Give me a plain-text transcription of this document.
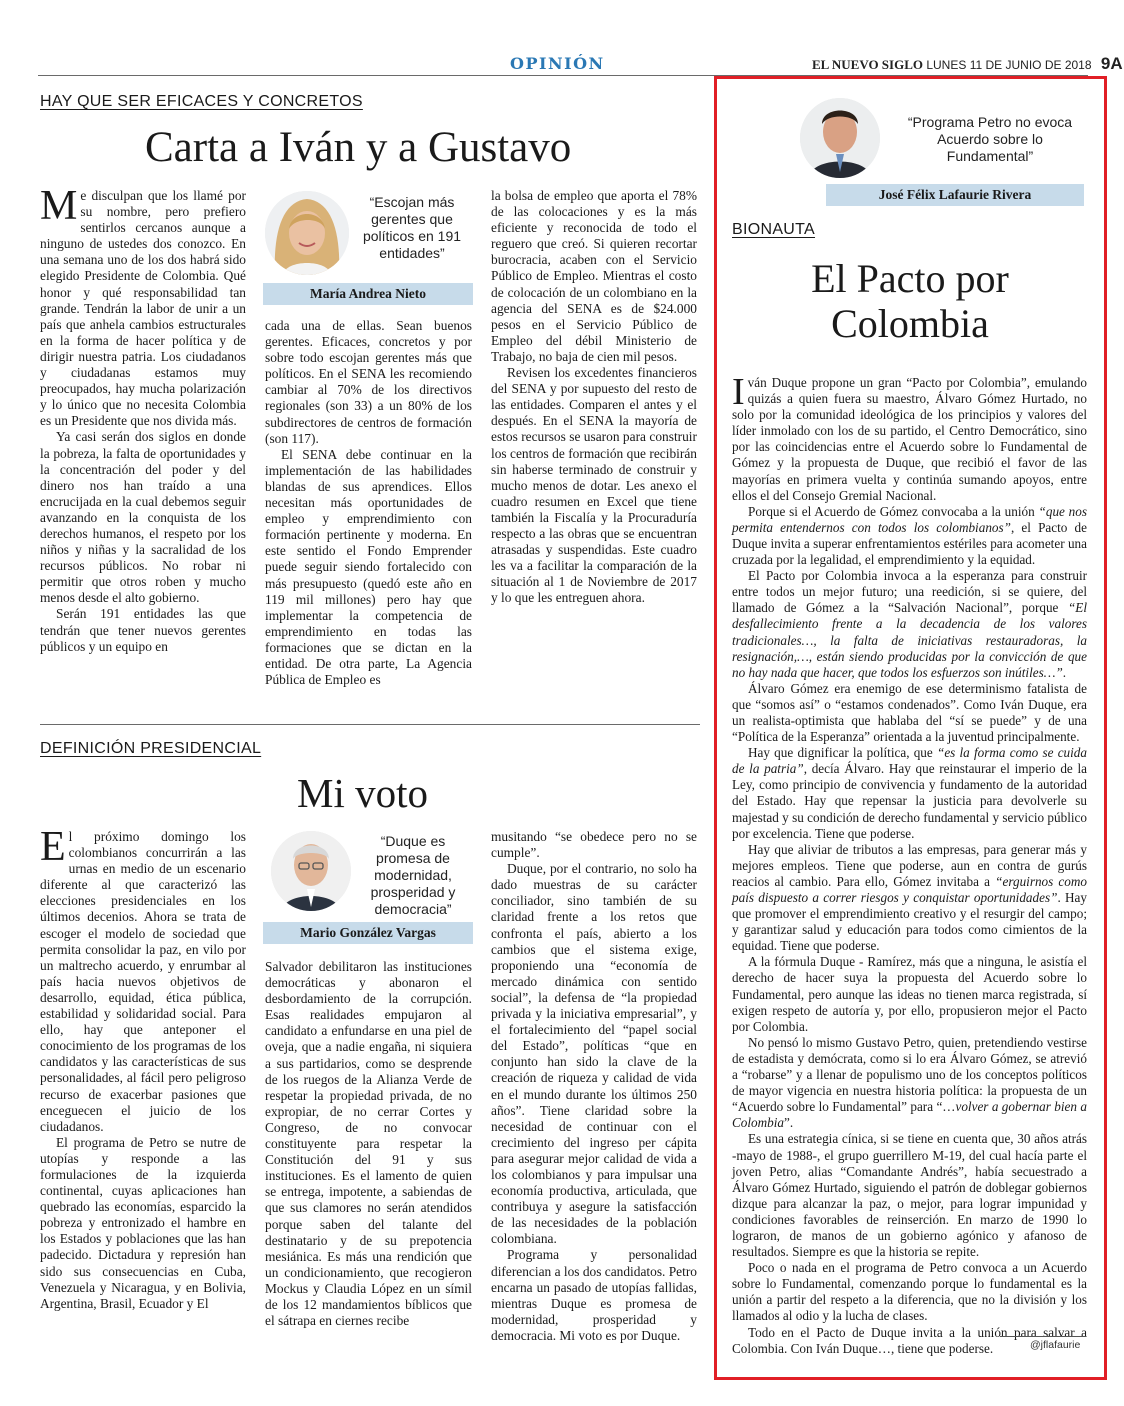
OPINIÓN	EL NUEVO SIGLO LUNES 11 DE JUNIO DE 2018 9A
HAY QUE SER EFICACES Y CONCRETOS
Carta a Iván y a Gustavo

Me disculpan que los llamé por su nombre, pero prefiero sentirlos cercanos aunque a ninguno de ustedes dos conozco. En una semana uno de los dos habrá sido elegido Presidente de Colombia. Qué honor y qué responsabilidad tan grande. Tendrán la labor de unir a un país que anhela cambios estructurales en la forma de hacer política y de dirigir nuestra patria. Los ciudadanos y ciudadanas estamos muy preocupados, hay mucha polarización y lo único que no necesita Colombia es un Presidente que nos divida más.

Ya casi serán dos siglos en donde la pobreza, la falta de oportunidades y la concentración del poder y del dinero nos han traído a una encrucijada en la cual debemos seguir avanzando en la conquista de los derechos humanos, el respeto por los niños y niñas y la sacralidad de los recursos públicos. No robar ni permitir que otros roben y mucho menos desde el alto gobierno.

Serán 191 entidades las que tendrán que tener nuevos gerentes públicos y un equipo en

“Escojan más gerentes que políticos en 191 entidades”
María Andrea Nieto

cada una de ellas. Sean buenos gerentes. Eficaces, concretos y por sobre todo escojan gerentes más que políticos. En el SENA les recomiendo cambiar al 70% de los directivos regionales (son 33) a un 80% de los subdirectores de centros de formación (son 117).

El SENA debe continuar en la implementación de las habilidades blandas de sus aprendices. Ellos necesitan más oportunidades de empleo y emprendimiento con formación pertinente y moderna. En este sentido el Fondo Emprender puede seguir siendo fortalecido con más presupuesto (quedó este año en 119 mil millones) pero hay que implementar la competencia de emprendimiento en todas las formaciones que se dictan en la entidad. De otra parte, La Agencia Pública de Empleo es

la bolsa de empleo que aporta el 78% de las colocaciones y es la más eficiente y reconocida de todo el reguero que creó. Si quieren recortar burocracia, acaben con el Servicio Público de Empleo. Mientras el costo de colocación de un colombiano en la agencia del SENA es de $24.000 pesos en el Servicio Público de Empleo del débil Ministerio de Trabajo, no baja de cien mil pesos.

Revisen los excedentes financieros del SENA y por supuesto del resto de las entidades. Comparen el antes y el después. En el SENA la mayoría de estos recursos se usaron para construir los centros de formación que recibirán sin haberse terminado de construir y mucho menos de dotar. Les anexo el cuadro resumen en Excel que tiene también la Fiscalía y la Procuraduría respecto a las obras que se encuentran atrasadas y suspendidas. Este cuadro les va a facilitar la comparación de la situación al 1 de Noviembre de 2017 y lo que les entreguen ahora.

DEFINICIÓN PRESIDENCIAL
Mi voto

El próximo domingo los colombianos concurrirán a las urnas en medio de un escenario diferente al que caracterizó las elecciones presidenciales en los últimos decenios. Ahora se trata de escoger el modelo de sociedad que permita consolidar la paz, en vilo por un maltrecho acuerdo, y enrumbar al país hacia nuevos objetivos de desarrollo, equidad, ética pública, estabilidad y solidaridad social. Para ello, hay que anteponer el conocimiento de los programas de los candidatos y las características de sus personalidades, al fácil pero peligroso recurso de exacerbar pasiones que enceguecen el juicio de los ciudadanos.

El programa de Petro se nutre de utopías y responde a las formulaciones de la izquierda continental, cuyas aplicaciones han quebrado las economías, esparcido la pobreza y entronizado el hambre en los Estados y poblaciones que las han padecido. Dictadura y represión han sido sus consecuencias en Cuba, Venezuela y Nicaragua, y en Bolivia, Argentina, Brasil, Ecuador y El

“Duque es promesa de modernidad, prosperidad y democracia”
Mario González Vargas

Salvador debilitaron las instituciones democráticas y abonaron el desbordamiento de la corrupción. Esas realidades empujaron al candidato a enfundarse en una piel de oveja, que a nadie engaña, ni siquiera a sus partidarios, como se desprende de los ruegos de la Alianza Verde de respetar la propiedad privada, de no expropiar, de no cerrar Cortes y Congreso, de no convocar constituyente para respetar la Constitución del 91 y sus instituciones. Es el lamento de quien se entrega, impotente, a sabiendas de que sus clamores no serán atendidos porque saben del talante del destinatario y de su prepotencia mesiánica. Es más una rendición que un condicionamiento, que recogieron Mockus y Claudia López en un símil de los 12 mandamientos bíblicos que el sátrapa en ciernes recibe

musitando “se obedece pero no se cumple”.

Duque, por el contrario, no solo ha dado muestras de su carácter conciliador, sino también de su claridad frente a los retos que confronta el país, abierto a los cambios que el sistema exige, proponiendo una “economía de mercado dinámica con sentido social”, la defensa de “la propiedad privada y la iniciativa empresarial”, y el fortalecimiento del “papel social del Estado”, políticas “que en conjunto han sido la clave de la creación de riqueza y calidad de vida en el mundo durante los últimos 250 años”. Tiene claridad sobre la necesidad de continuar con el crecimiento del ingreso per cápita para asegurar mejor calidad de vida a los colombianos y para impulsar una economía productiva, articulada, que contribuya y asegure la satisfacción de las necesidades de la población colombiana.

Programa y personalidad diferencian a los dos candidatos. Petro encarna un pasado de utopías fallidas, mientras Duque es promesa de modernidad, prosperidad y democracia. Mi voto es por Duque.

“Programa Petro no evoca Acuerdo sobre lo Fundamental”
José Félix Lafaurie Rivera
BIONAUTA
El Pacto por
Colombia

Iván Duque propone un gran “Pacto por Colombia”, emulando quizás a quien fuera su maestro, Álvaro Gómez Hurtado, no solo por la comunidad ideológica de los principios y valores del líder inmolado con los de su partido, el Centro Democrático, sino por las coincidencias entre el Acuerdo sobre lo Fundamental de Gómez y la propuesta de Duque, que recibió el favor de las mayorías en primera vuelta y continúa sumando apoyos, entre ellos el del Consejo Gremial Nacional.

Porque si el Acuerdo de Gómez convocaba a la unión “que nos permita entendernos con todos los colombianos”, el Pacto de Duque invita a superar enfrentamientos estériles para acometer una cruzada por la legalidad, el emprendimiento y la equidad.

El Pacto por Colombia invoca a la esperanza para construir entre todos un mejor futuro; una reedición, si se quiere, del llamado de Gómez a la “Salvación Nacional”, porque “El desfallecimiento frente a la decadencia de los valores tradicionales…, la falta de iniciativas restauradoras, la resignación,…, están siendo producidas por la convicción de que no hay nada que hacer, que todos los esfuerzos son inútiles…”.

Álvaro Gómez era enemigo de ese determinismo fatalista de que “somos así” o “estamos condenados”. Como Iván Duque, era un realista-optimista que hablaba del “sí se puede” y de una “Política de la Esperanza” orientada a la juventud principalmente.

Hay que dignificar la política, que “es la forma como se cuida de la patria”, decía Álvaro. Hay que reinstaurar el imperio de la Ley, como principio de convivencia y fundamento de la autoridad del Estado. Hay que repensar la justicia para devolverle su majestad y su condición de derecho fundamental y servicio público por excelencia. Tiene que poderse.

Hay que aliviar de tributos a las empresas, para generar más y mejores empleos. Tiene que poderse, aun en contra de gurús reacios al cambio. Para ello, Gómez invitaba a “erguirnos como país dispuesto a correr riesgos y conquistar oportunidades”. Hay que promover el emprendimiento creativo y el resurgir del campo; y garantizar salud y educación para todos como cimientos de la equidad. Tiene que poderse.

A la fórmula Duque - Ramírez, más que a ninguna, le asistía el derecho de hacer suya la propuesta del Acuerdo sobre lo Fundamental, pero aunque las ideas no tienen marca registrada, sí exigen respeto de autoría y, por ello, propusieron mejor el Pacto por Colombia.

No pensó lo mismo Gustavo Petro, quien, pretendiendo vestirse de estadista y demócrata, como si lo era Álvaro Gómez, se atrevió a “robarse” y a llenar de populismo uno de los conceptos políticos de mayor vigencia en nuestra historia política: la propuesta de un “Acuerdo sobre lo Fundamental” para “…volver a gobernar bien a Colombia”.

Es una estrategia cínica, si se tiene en cuenta que, 30 años atrás -mayo de 1988-, el grupo guerrillero M-19, del cual hacía parte el joven Petro, alias “Comandante Andrés”, había secuestrado a Álvaro Gómez Hurtado, siguiendo el patrón de doblegar gobiernos dizque para alcanzar la paz, o mejor, para lograr impunidad y condiciones favorables de reinserción. En marzo de 1990 lo lograron, de manos de un gobierno agónico y afanoso de resultados. Siempre es que la historia se repite.

Poco o nada en el programa de Petro convoca a un Acuerdo sobre lo Fundamental, comenzando porque lo fundamental es la unión a partir del respeto a la diferencia, que no la división y los llamados al odio y la lucha de clases.

Todo en el Pacto de Duque invita a la unión para salvar a Colombia. Con Iván Duque…, tiene que poderse.	@jflafaurie
